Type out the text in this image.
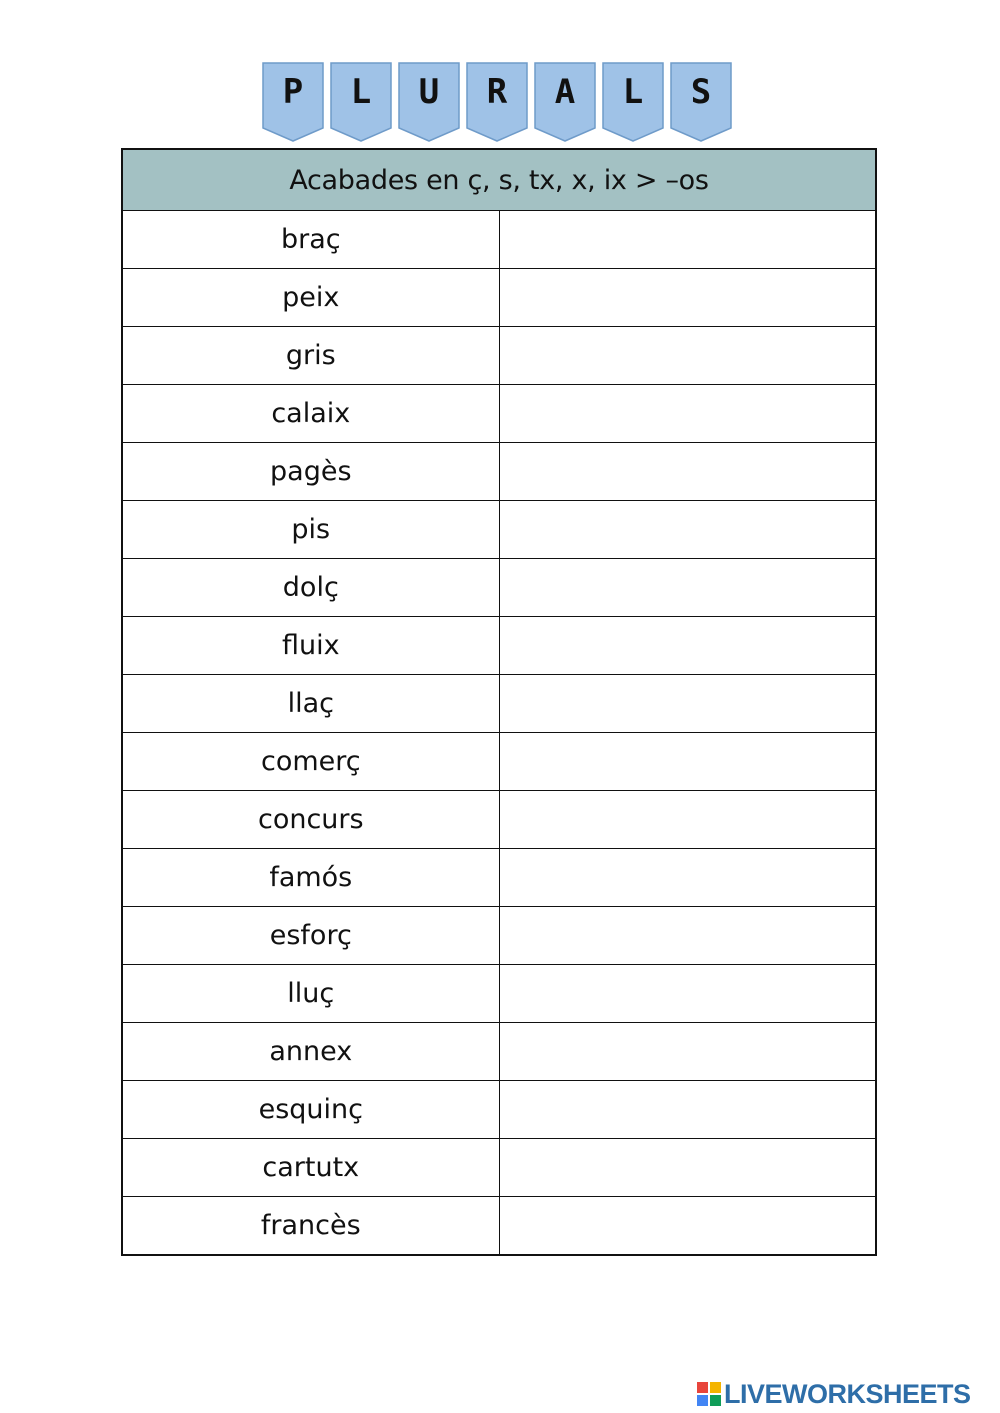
P	L	U	R	A	L	S
Acabades en ç, s, tx, x, ix > –os	
braç	
peix	
gris	
calaix	
pagès	
pis	
dolç	
fluix	
llaç	
comerç	
concurs	
famós	
esforç	
lluç	
annex	
esquinç	
cartutx	
francès	
LIVEWORKSHEETS
